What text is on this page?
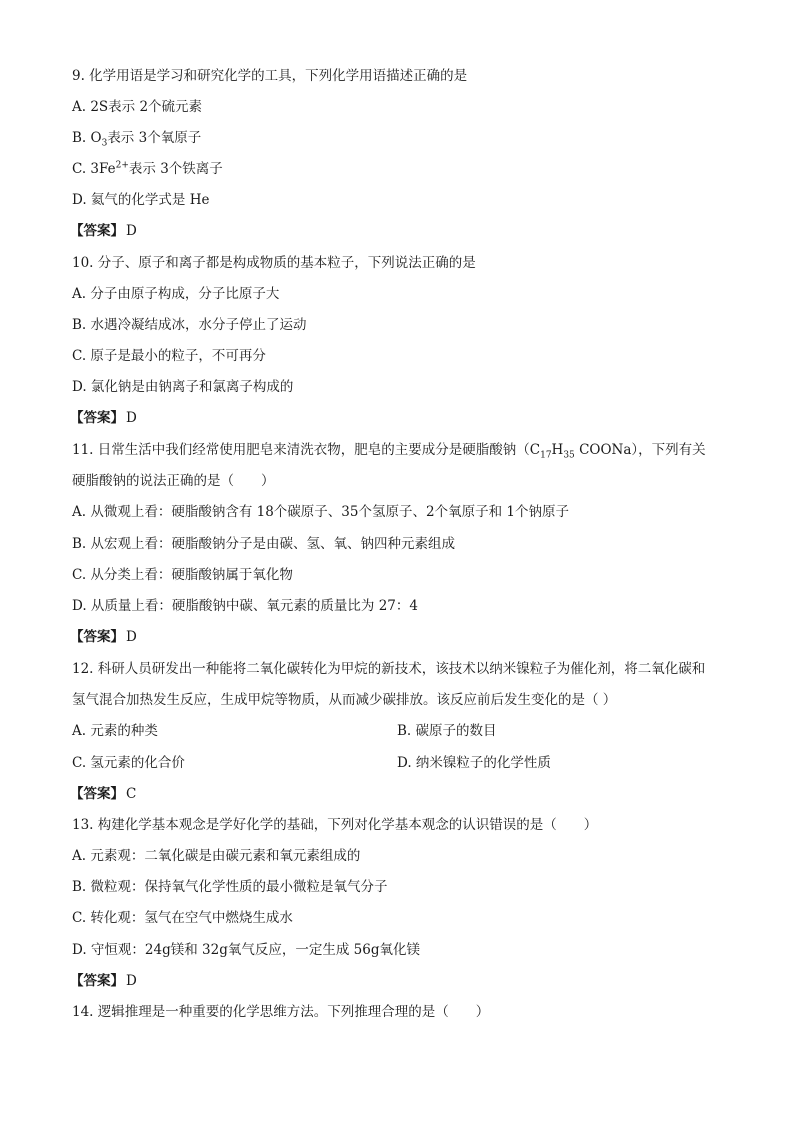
9. 化学用语是学习和研究化学的工具，下列化学用语描述正确的是
A. 2S表示 2个硫元素
B. $O_3$表示 3个氧原子
C. $3Fe^{2+}$表示 3个铁离子
D. 氦气的化学式是 He
【答案】 D
10. 分子、原子和离子都是构成物质的基本粒子，下列说法正确的是
A. 分子由原子构成，分子比原子大
B. 水遇冷凝结成冰，水分子停止了运动
C. 原子是最小的粒子，不可再分
D. 氯化钠是由钠离子和氯离子构成的
【答案】 D
11. 日常生活中我们经常使用肥皂来清洗衣物，肥皂的主要成分是硬脂酸钠（$C_{17}H_{35}$ COONa），下列有关
硬脂酸钠的说法正确的是（　　）
A. 从微观上看：硬脂酸钠含有 18个碳原子、35个氢原子、2个氧原子和 1个钠原子
B. 从宏观上看：硬脂酸钠分子是由碳、氢、氧、钠四种元素组成
C. 从分类上看：硬脂酸钠属于氧化物
D. 从质量上看：硬脂酸钠中碳、氧元素的质量比为 27：4
【答案】 D
12. 科研人员研发出一种能将二氧化碳转化为甲烷的新技术，该技术以纳米镍粒子为催化剂，将二氧化碳和
氢气混合加热发生反应，生成甲烷等物质，从而减少碳排放。该反应前后发生变化的是（ ）
A. 元素的种类	B. 碳原子的数目
C. 氢元素的化合价	D. 纳米镍粒子的化学性质
【答案】 C
13. 构建化学基本观念是学好化学的基础，下列对化学基本观念的认识错误的是（　　）
A. 元素观：二氧化碳是由碳元素和氧元素组成的
B. 微粒观：保持氧气化学性质的最小微粒是氧气分子
C. 转化观：氢气在空气中燃烧生成水
D. 守恒观：24g镁和 32g氧气反应，一定生成 56g氧化镁
【答案】 D
14. 逻辑推理是一种重要的化学思维方法。下列推理合理的是（　　）
